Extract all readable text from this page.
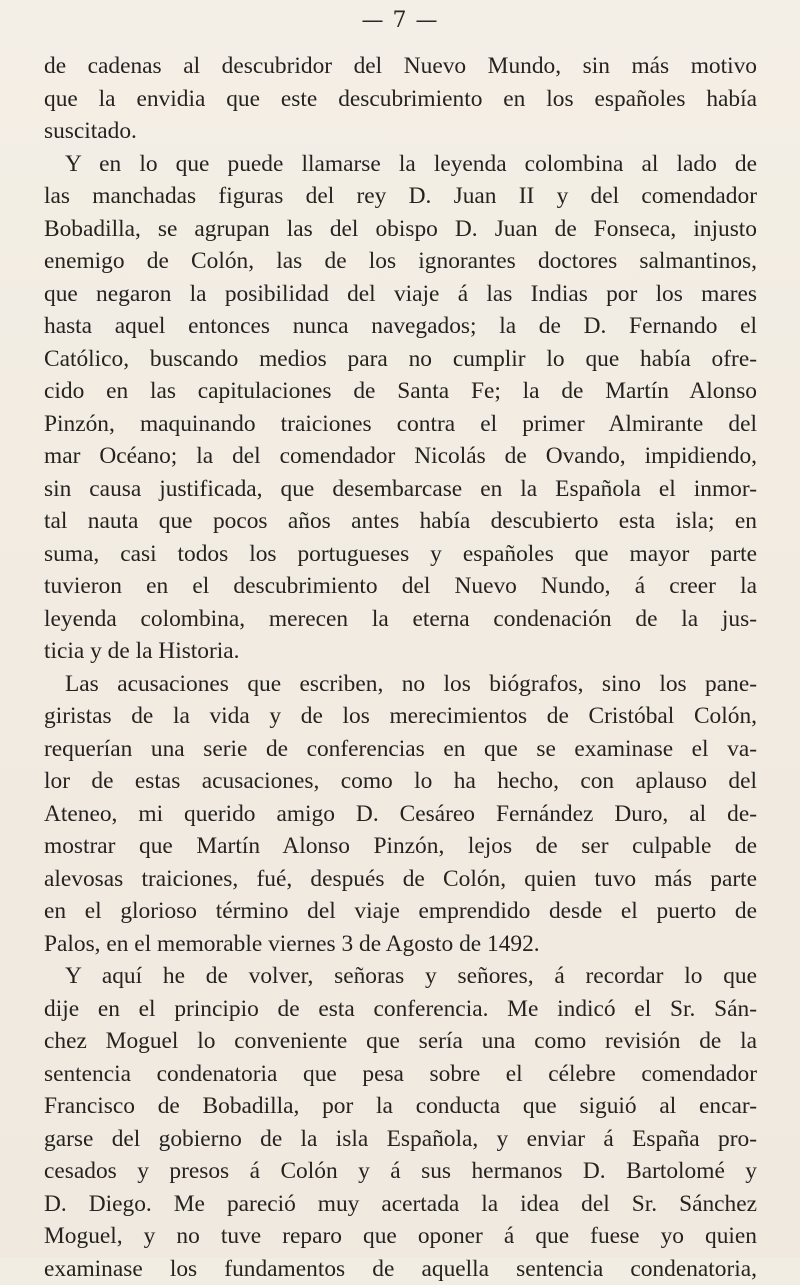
— 7 —
de cadenas al descubridor del Nuevo Mundo, sin más motivo
que la envidia que este descubrimiento en los españoles había
suscitado.
Y en lo que puede llamarse la leyenda colombina al lado de
las manchadas figuras del rey D. Juan II y del comendador
Bobadilla, se agrupan las del obispo D. Juan de Fonseca, injusto
enemigo de Colón, las de los ignorantes doctores salmantinos,
que negaron la posibilidad del viaje á las Indias por los mares
hasta aquel entonces nunca navegados; la de D. Fernando el
Católico, buscando medios para no cumplir lo que había ofre-
cido en las capitulaciones de Santa Fe; la de Martín Alonso
Pinzón, maquinando traiciones contra el primer Almirante del
mar Océano; la del comendador Nicolás de Ovando, impidiendo,
sin causa justificada, que desembarcase en la Española el inmor-
tal nauta que pocos años antes había descubierto esta isla; en
suma, casi todos los portugueses y españoles que mayor parte
tuvieron en el descubrimiento del Nuevo Nundo, á creer la
leyenda colombina, merecen la eterna condenación de la jus-
ticia y de la Historia.
Las acusaciones que escriben, no los biógrafos, sino los pane-
giristas de la vida y de los merecimientos de Cristóbal Colón,
requerían una serie de conferencias en que se examinase el va-
lor de estas acusaciones, como lo ha hecho, con aplauso del
Ateneo, mi querido amigo D. Cesáreo Fernández Duro, al de-
mostrar que Martín Alonso Pinzón, lejos de ser culpable de
alevosas traiciones, fué, después de Colón, quien tuvo más parte
en el glorioso término del viaje emprendido desde el puerto de
Palos, en el memorable viernes 3 de Agosto de 1492.
Y aquí he de volver, señoras y señores, á recordar lo que
dije en el principio de esta conferencia. Me indicó el Sr. Sán-
chez Moguel lo conveniente que sería una como revisión de la
sentencia condenatoria que pesa sobre el célebre comendador
Francisco de Bobadilla, por la conducta que siguió al encar-
garse del gobierno de la isla Española, y enviar á España pro-
cesados y presos á Colón y á sus hermanos D. Bartolomé y
D. Diego. Me pareció muy acertada la idea del Sr. Sánchez
Moguel, y no tuve reparo que oponer á que fuese yo quien
examinase los fundamentos de aquella sentencia condenatoria,
